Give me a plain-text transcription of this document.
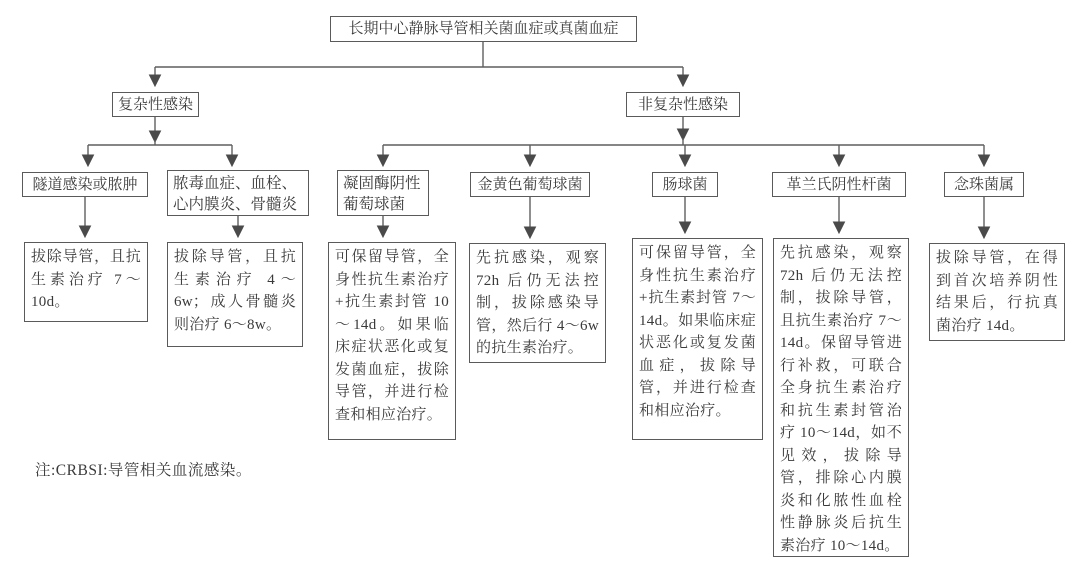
长期中心静脉导管相关菌血症或真菌血症
复杂性感染	非复杂性感染
隧道感染或脓肿	脓毒血症、血栓、心内膜炎、骨髓炎
凝固酶阴性葡萄球菌
金黄色葡萄球菌	肠球菌	革兰氏阴性杆菌	念珠菌属
拔除导管，且抗生素治疗 7～10d。
拔除导管，且抗生素治疗 4～6w；成人骨髓炎则治疗 6～8w。
可保留导管，全身性抗生素治疗+抗生素封管 10～14d。如果临床症状恶化或复发菌血症，拔除导管，并进行检查和相应治疗。
先抗感染，观察 72h 后仍无法控制，拔除感染导管，然后行 4～6w 的抗生素治疗。
可保留导管，全身性抗生素治疗+抗生素封管 7～14d。如果临床症状恶化或复发菌血症，拔除导管，并进行检查和相应治疗。
先抗感染，观察 72h 后仍无法控制，拔除导管，且抗生素治疗 7～14d。保留导管进行补救，可联合全身抗生素治疗和抗生素封管治疗 10～14d，如不见效，拔除导管，排除心内膜炎和化脓性血栓性静脉炎后抗生素治疗 10～14d。
拔除导管，在得到首次培养阴性结果后，行抗真菌治疗 14d。
注:CRBSI:导管相关血流感染。
